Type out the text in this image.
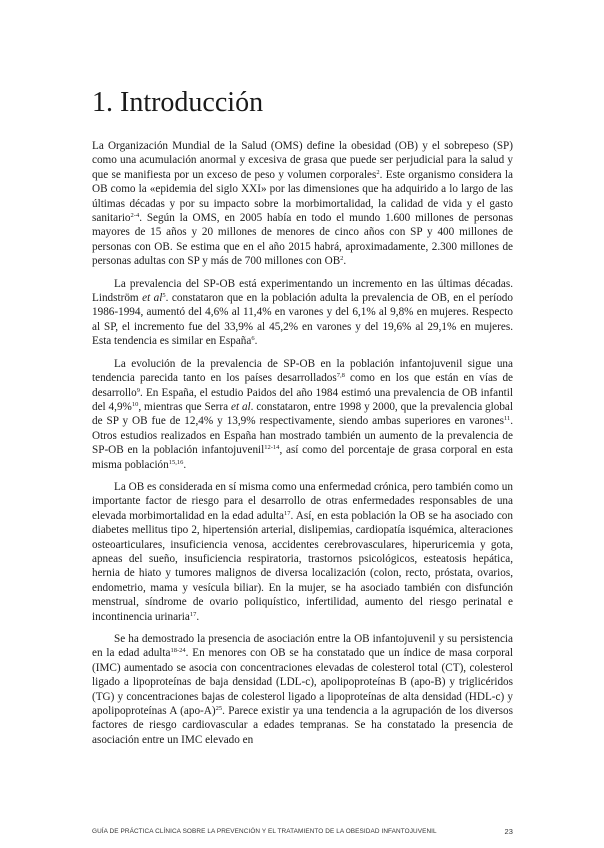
1. Introducción

La Organización Mundial de la Salud (OMS) define la obesidad (OB) y el sobrepeso (SP) como una acumulación anormal y excesiva de grasa que puede ser perjudicial para la salud y que se manifiesta por un exceso de peso y volumen corporales$^2$. Este organismo considera la OB como la «epidemia del siglo XXI» por las dimensiones que ha adquirido a lo largo de las últimas décadas y por su impacto sobre la morbimortalidad, la calidad de vida y el gasto sanitario$^{2-4}$. Según la OMS, en 2005 había en todo el mundo 1.600 millones de personas mayores de 15 años y 20 millones de menores de cinco años con SP y 400 millones de personas con OB. Se estima que en el año 2015 habrá, aproximadamente, 2.300 millones de personas adultas con SP y más de 700 millones con $OB^2$.

La prevalencia del SP-OB está experimentando un incremento en las últimas décadas. Lindström et $al^5$. constataron que en la población adulta la prevalencia de OB, en el período 1986-1994, aumentó del 4,6% al 11,4% en varones y del 6,1% al 9,8% en mujeres. Respecto al SP, el incremento fue del 33,9% al 45,2% en varones y del 19,6% al 29,1% en mujeres. Esta tendencia es similar en España$^6$.

La evolución de la prevalencia de SP-OB en la población infantojuvenil sigue una tendencia parecida tanto en los países desarrollados$^{7,8}$ como en los que están en vías de desarrollo$^9$. En España, el estudio Paidos del año 1984 estimó una prevalencia de OB infantil del 4,9%$^{10}$, mientras que Serra et al. constataron, entre 1998 y 2000, que la prevalencia global de SP y OB fue de 12,4% y 13,9% respectivamente, siendo ambas superiores en varones$^{11}$. Otros estudios realizados en España han mostrado también un aumento de la prevalencia de SP-OB en la población infantojuvenil$^{12-14}$, así como del porcentaje de grasa corporal en esta misma población$^{15,16}$.

La OB es considerada en sí misma como una enfermedad crónica, pero también como un importante factor de riesgo para el desarrollo de otras enfermedades responsables de una elevada morbimortalidad en la edad adulta$^{17}$. Así, en esta población la OB se ha asociado con diabetes mellitus tipo 2, hipertensión arterial, dislipemias, cardiopatía isquémica, alteraciones osteoarticulares, insuficiencia venosa, accidentes cerebrovasculares, hiperuricemia y gota, apneas del sueño, insuficiencia respiratoria, trastornos psicológicos, esteatosis hepática, hernia de hiato y tumores malignos de diversa localización (colon, recto, próstata, ovarios, endometrio, mama y vesícula biliar). En la mujer, se ha asociado también con disfunción menstrual, síndrome de ovario poliquístico, infertilidad, aumento del riesgo perinatal e incontinencia urinaria$^{17}$.

Se ha demostrado la presencia de asociación entre la OB infantojuvenil y su persistencia en la edad adulta$^{18-24}$. En menores con OB se ha constatado que un índice de masa corporal (IMC) aumentado se asocia con concentraciones elevadas de colesterol total (CT), colesterol ligado a lipoproteínas de baja densidad (LDL-c), apolipoproteínas B (apo-B) y triglicéridos (TG) y concentraciones bajas de colesterol ligado a lipoproteínas de alta densidad (HDL-c) y apolipoproteínas A $(apo-A)^{25}$. Parece existir ya una tendencia a la agrupación de los diversos factores de riesgo cardiovascular a edades tempranas. Se ha constatado la presencia de asociación entre un IMC elevado en

GUÍA DE PRÁCTICA CLÍNICA SOBRE LA PREVENCIÓN Y EL TRATAMIENTO DE LA OBESIDAD INFANTOJUVENIL	23
